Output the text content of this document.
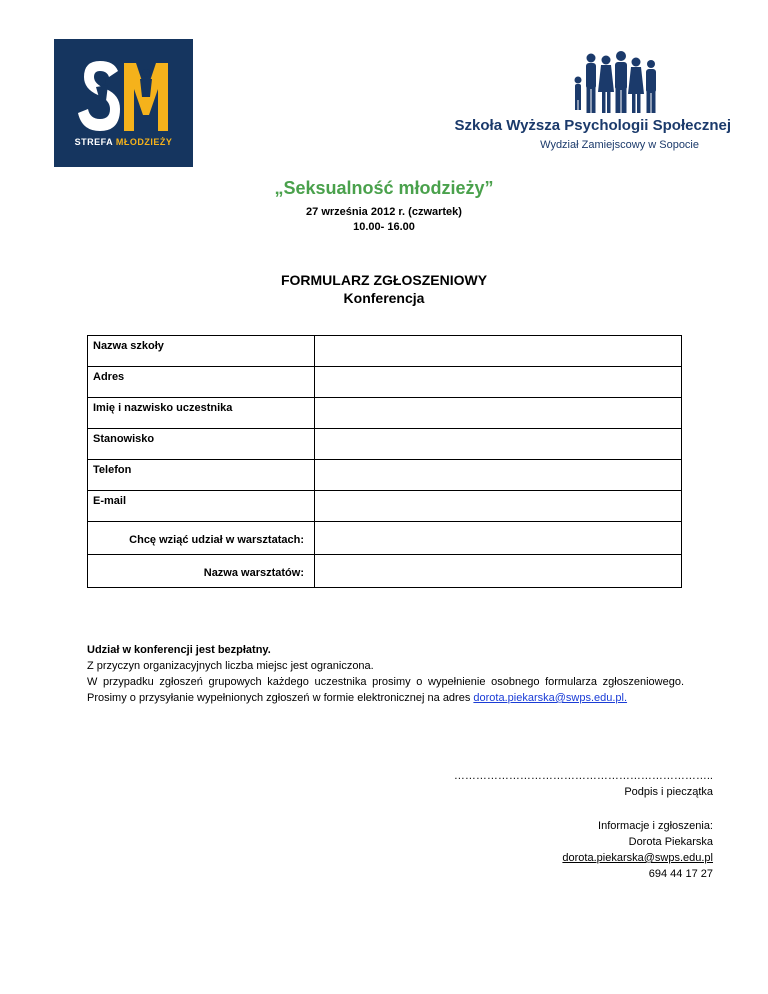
STREFA MŁODZIEŻY
Szkoła Wyższa Psychologii Społecznej
Wydział Zamiejscowy w Sopocie
„Seksualność młodzieży”
27 września 2012 r. (czwartek)
10.00- 16.00
FORMULARZ ZGŁOSZENIOWY
Konferencja
Nazwa szkoły	
Adres	
Imię i nazwisko uczestnika	
Stanowisko	
Telefon	
E-mail	
Chcę wziąć udział w warsztatach:	
Nazwa warsztatów:	
Udział w konferencji jest bezpłatny.
Z przyczyn organizacyjnych liczba miejsc jest ograniczona.
W przypadku zgłoszeń grupowych każdego uczestnika prosimy o wypełnienie osobnego formularza zgłoszeniowego. Prosimy o przysyłanie wypełnionych zgłoszeń w formie elektronicznej na adres dorota.piekarska@swps.edu.pl.
……………………………………………………………..
Podpis i pieczątka
Informacje i zgłoszenia:
Dorota Piekarska
dorota.piekarska@swps.edu.pl
694 44 17 27
